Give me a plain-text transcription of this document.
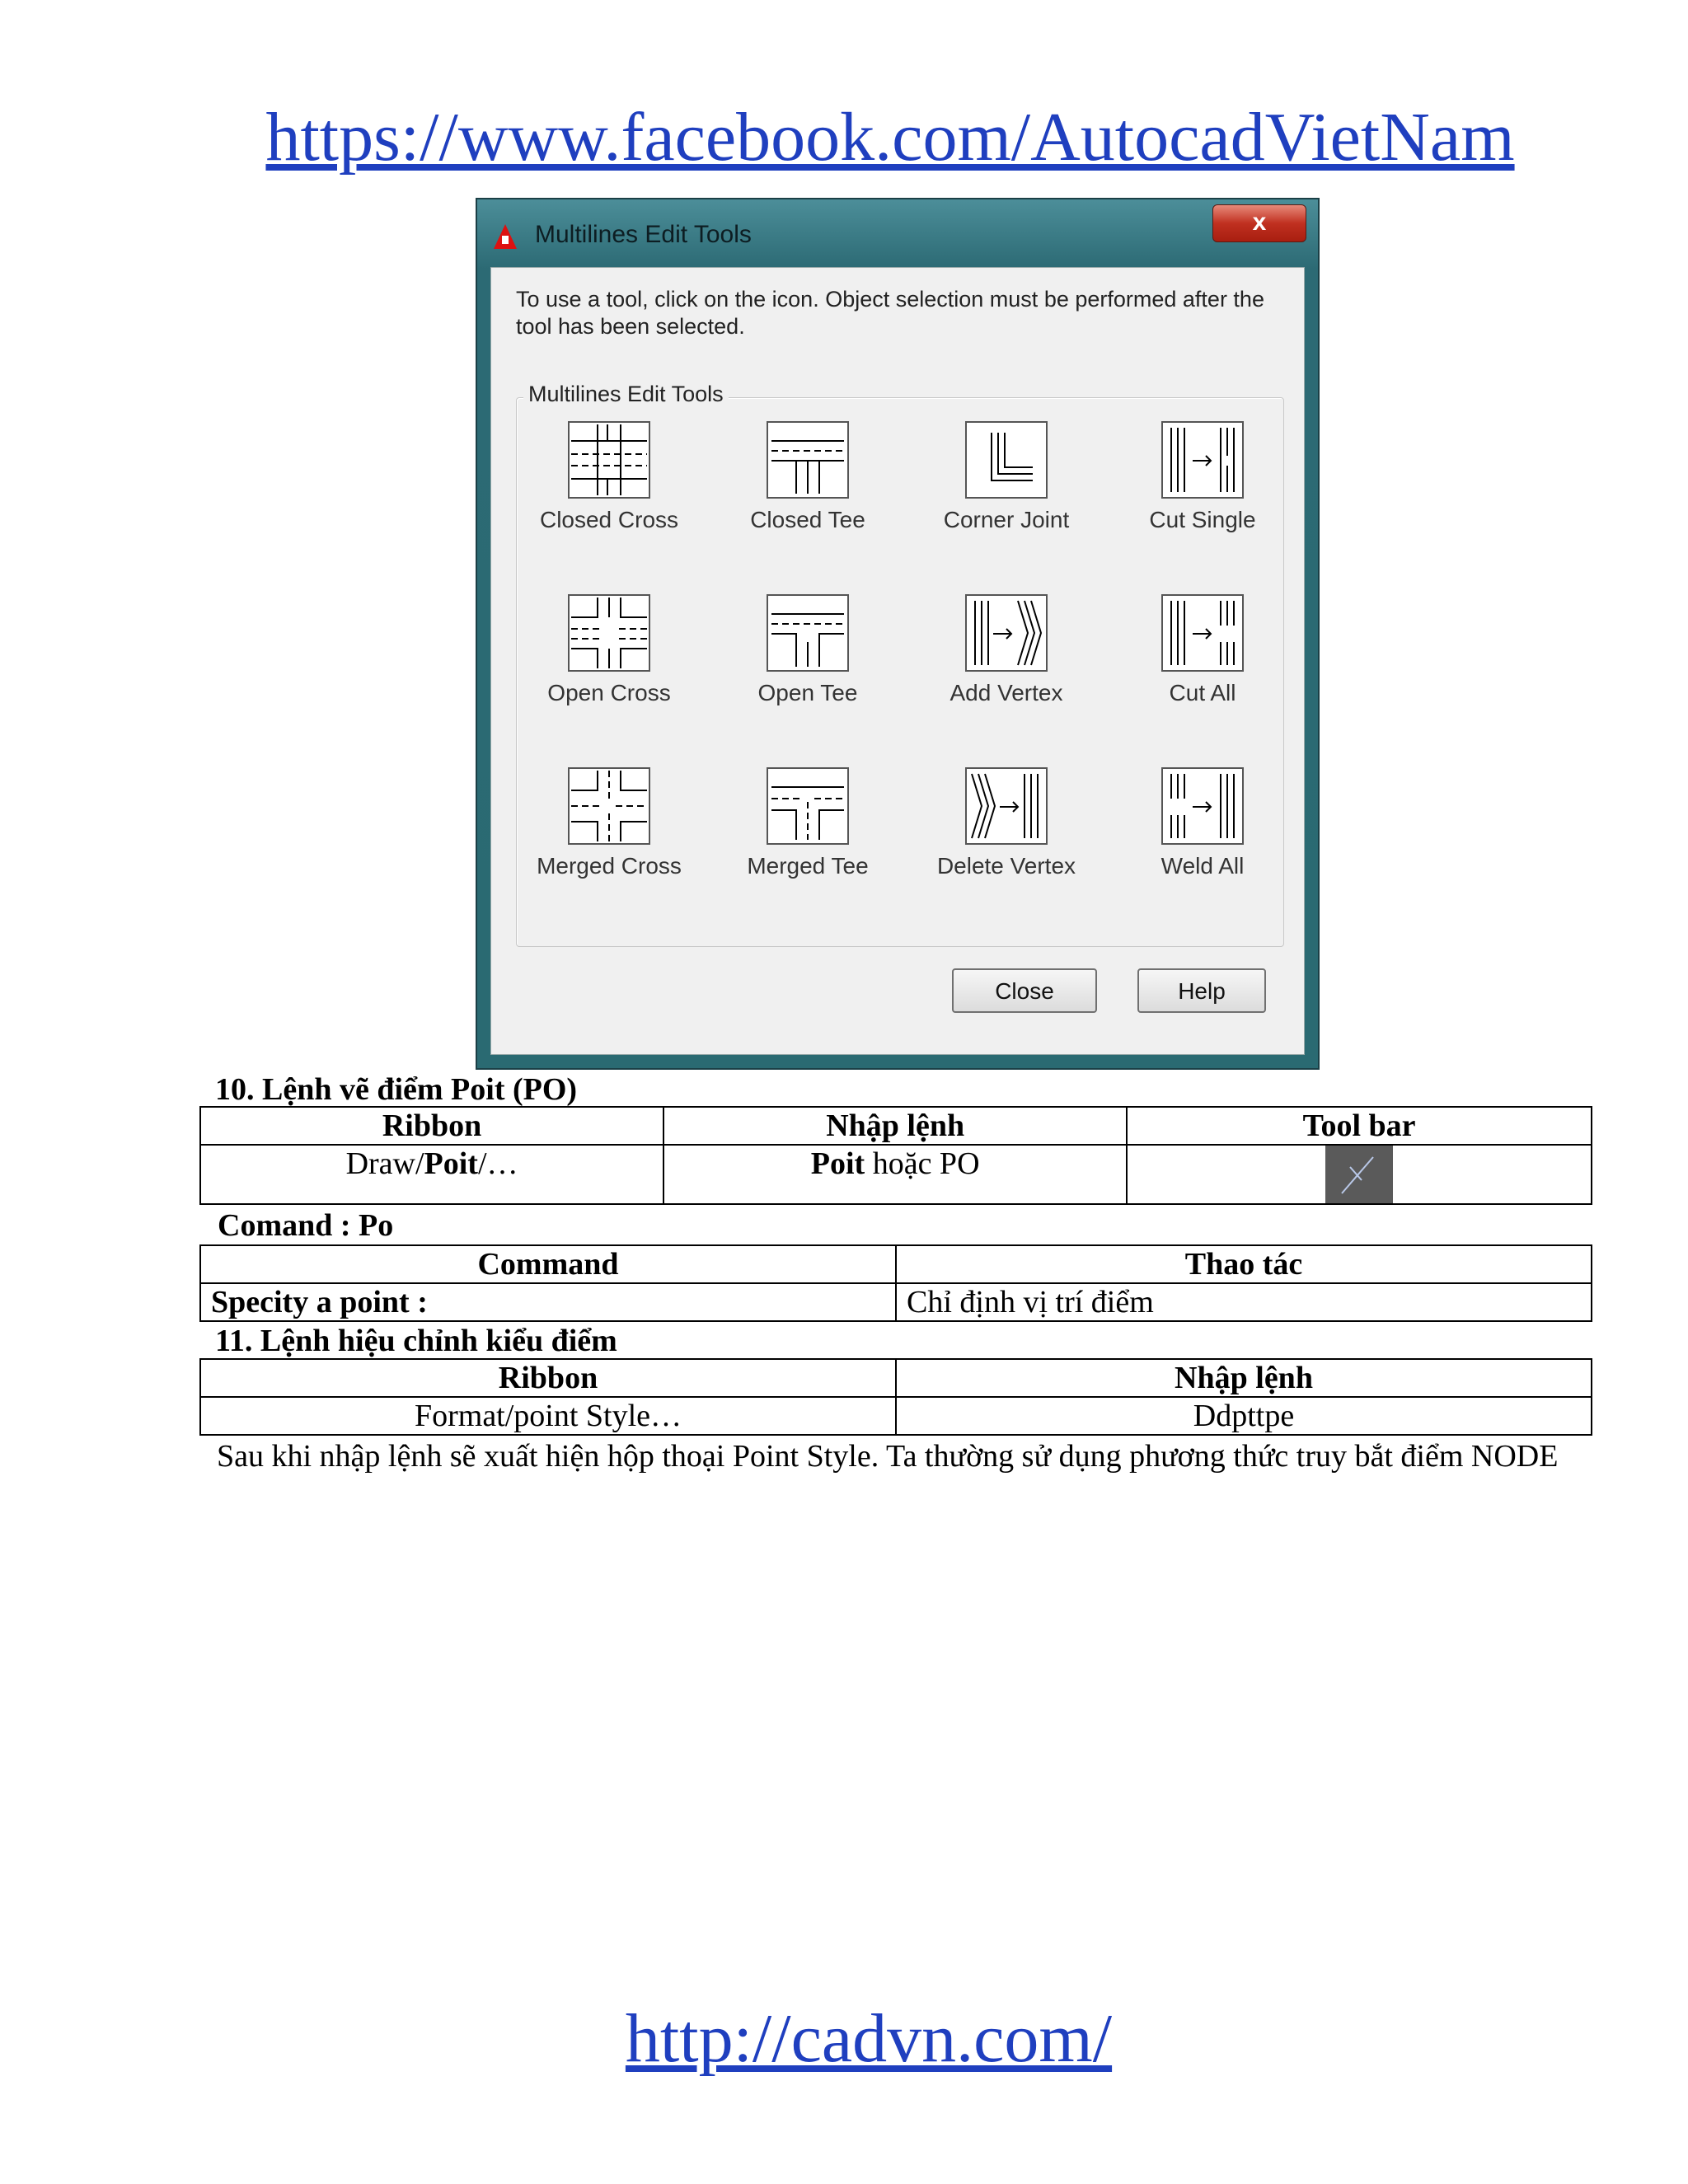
https://www.facebook.com/AutocadVietNam
Multilines Edit Tools	x
To use a tool, click on the icon. Object selection must be performed after the tool has been selected.
Multilines Edit Tools
Closed Cross	Closed Tee	Corner Joint	Cut Single
Open Cross	Open Tee	Add Vertex	Cut All
Merged Cross	Merged Tee	Delete Vertex	Weld All
Close	Help
10. Lệnh vẽ điểm Poit (PO)
Ribbon	Nhập lệnh	Tool bar
Draw/Poit/…	Poit hoặc PO	
Comand : Po
Command	Thao tác
Specity a point :	Chỉ định vị trí điểm
11. Lệnh hiệu chỉnh kiểu điểm
Ribbon	Nhập lệnh
Format/point Style…	Ddpttpe
Sau khi nhập lệnh sẽ xuất hiện hộp thoại Point Style. Ta thường sử dụng phương thức truy bắt điểm NODE
http://cadvn.com/
